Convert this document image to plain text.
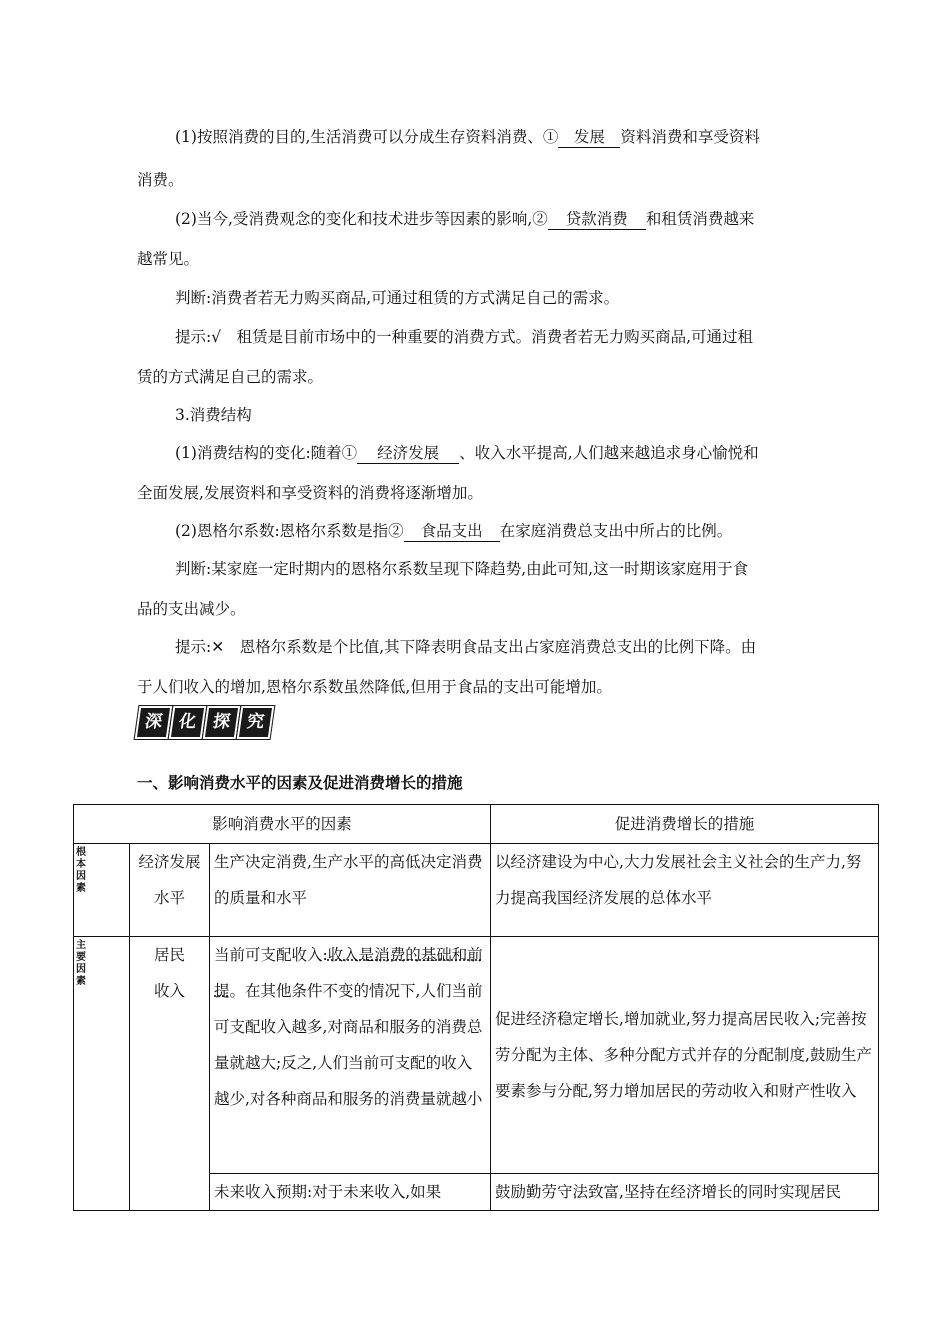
(1)按照消费的目的,生活消费可以分成生存资料消费、① 发展 资料消费和享受资料
消费。
(2)当今,受消费观念的变化和技术进步等因素的影响,② 贷款消费 和租赁消费越来
越常见。
判断:消费者若无力购买商品,可通过租赁的方式满足自己的需求。
提示:√　租赁是目前市场中的一种重要的消费方式。消费者若无力购买商品,可通过租
赁的方式满足自己的需求。
3.消费结构
(1)消费结构的变化:随着① 经济发展 、收入水平提高,人们越来越追求身心愉悦和
全面发展,发展资料和享受资料的消费将逐渐增加。
(2)恩格尔系数:恩格尔系数是指② 食品支出 在家庭消费总支出中所占的比例。
判断:某家庭一定时期内的恩格尔系数呈现下降趋势,由此可知,这一时期该家庭用于食
品的支出减少。
提示:✕　恩格尔系数是个比值,其下降表明食品支出占家庭消费总支出的比例下降。由
于人们收入的增加,恩格尔系数虽然降低,但用于食品的支出可能增加。
深 化 探 究
一、影响消费水平的因素及促进消费增长的措施
影响消费水平的因素			促进消费增长的措施

根本因素	经济发展水平	· · · · 生产决定消费,生产水平的高低决定消费的质量和水平	以经济建设为中心,大力发展社会主义社会的生产力,努力提高我国经济发展的总体水平

主要因素	居民收入	当前可支配收入:收入是消费的基础和前提。在其他条件不变的情况下,人们当前可支配收入越多,对商品和服务的消费总量就越大;反之,人们当前可支配的收入越少,对各种商品和服务的消费量就越小	促进经济稳定增长,增加就业,努力提高居民收入;完善按劳分配为主体、多种分配方式并存的分配制度,鼓励生产要素参与分配,努力增加居民的劳动收入和财产性收入
		未来收入预期:对于未来收入,如果	鼓励勤劳守法致富,坚持在经济增长的同时实现居民
